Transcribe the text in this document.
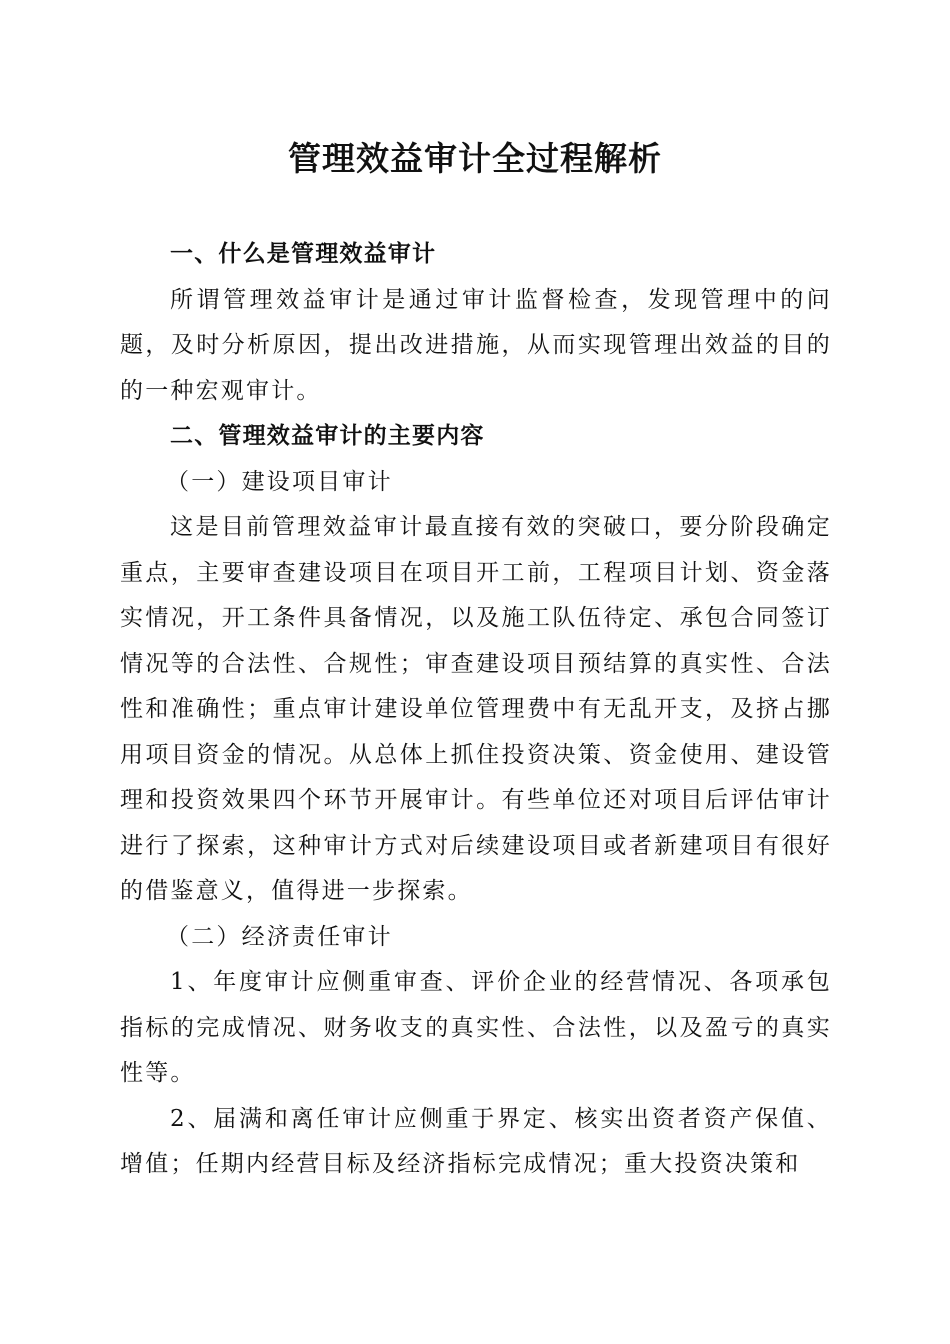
管理效益审计全过程解析

一、什么是管理效益审计

所谓管理效益审计是通过审计监督检查，发现管理中的问题，及时分析原因，提出改进措施，从而实现管理出效益的目的的一种宏观审计。

二、管理效益审计的主要内容

（一）建设项目审计

这是目前管理效益审计最直接有效的突破口，要分阶段确定重点，主要审查建设项目在项目开工前，工程项目计划、资金落实情况，开工条件具备情况，以及施工队伍待定、承包合同签订情况等的合法性、合规性；审查建设项目预结算的真实性、合法性和准确性；重点审计建设单位管理费中有无乱开支，及挤占挪用项目资金的情况。从总体上抓住投资决策、资金使用、建设管理和投资效果四个环节开展审计。有些单位还对项目后评估审计进行了探索，这种审计方式对后续建设项目或者新建项目有很好的借鉴意义，值得进一步探索。

（二）经济责任审计

1、年度审计应侧重审查、评价企业的经营情况、各项承包指标的完成情况、财务收支的真实性、合法性，以及盈亏的真实性等。

2、届满和离任审计应侧重于界定、核实出资者资产保值、增值；任期内经营目标及经济指标完成情况；重大投资决策和
